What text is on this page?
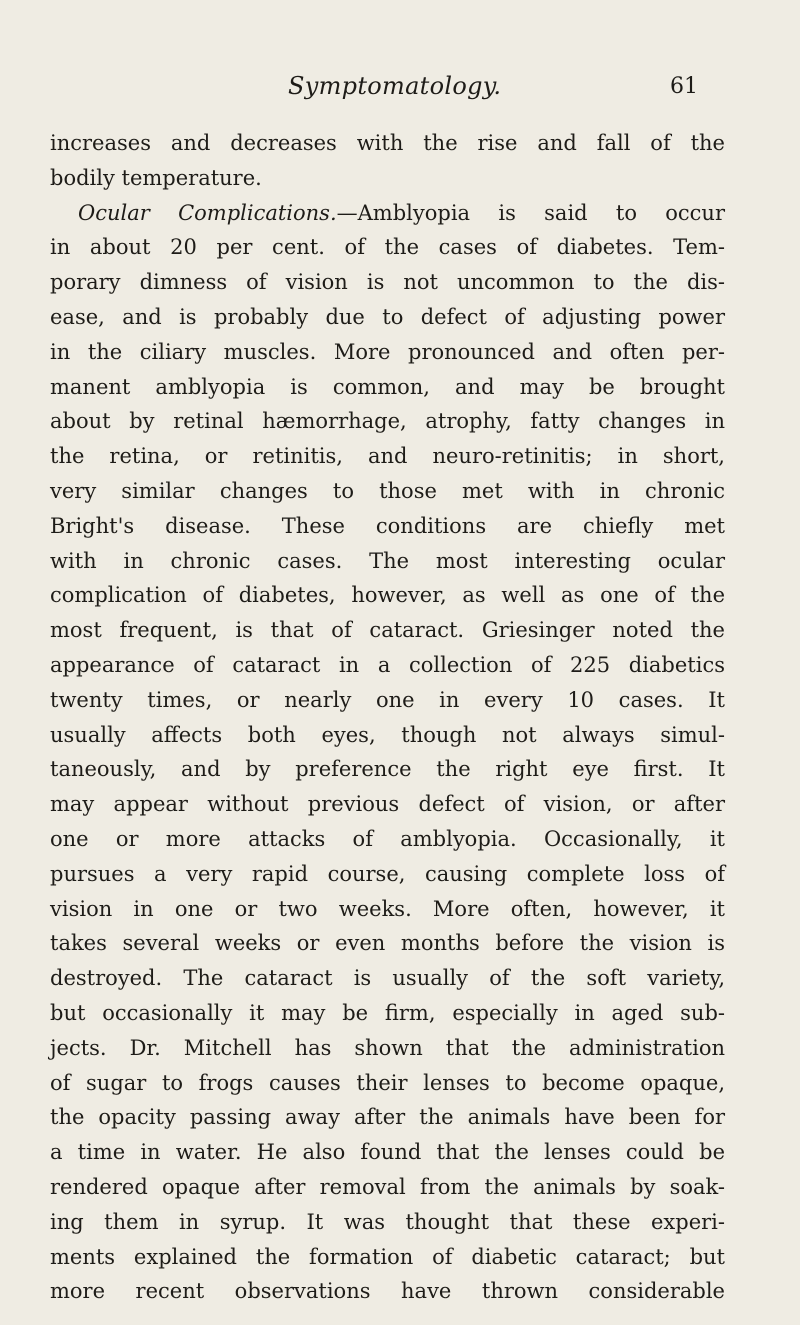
Symptomatology.	61
increases and decreases with the rise and fall of the
bodily temperature.
Ocular Complications.—Amblyopia is said to occur
in about 20 per cent. of the cases of diabetes. Tem-
porary dimness of vision is not uncommon to the dis-
ease, and is probably due to defect of adjusting power
in the ciliary muscles. More pronounced and often per-
manent amblyopia is common, and may be brought
about by retinal hæmorrhage, atrophy, fatty changes in
the retina, or retinitis, and neuro-retinitis; in short,
very similar changes to those met with in chronic
Bright's disease. These conditions are chiefly met
with in chronic cases. The most interesting ocular
complication of diabetes, however, as well as one of the
most frequent, is that of cataract. Griesinger noted the
appearance of cataract in a collection of 225 diabetics
twenty times, or nearly one in every 10 cases. It
usually affects both eyes, though not always simul-
taneously, and by preference the right eye first. It
may appear without previous defect of vision, or after
one or more attacks of amblyopia. Occasionally, it
pursues a very rapid course, causing complete loss of
vision in one or two weeks. More often, however, it
takes several weeks or even months before the vision is
destroyed. The cataract is usually of the soft variety,
but occasionally it may be firm, especially in aged sub-
jects. Dr. Mitchell has shown that the administration
of sugar to frogs causes their lenses to become opaque,
the opacity passing away after the animals have been for
a time in water. He also found that the lenses could be
rendered opaque after removal from the animals by soak-
ing them in syrup. It was thought that these experi-
ments explained the formation of diabetic cataract; but
more recent observations have thrown considerable
